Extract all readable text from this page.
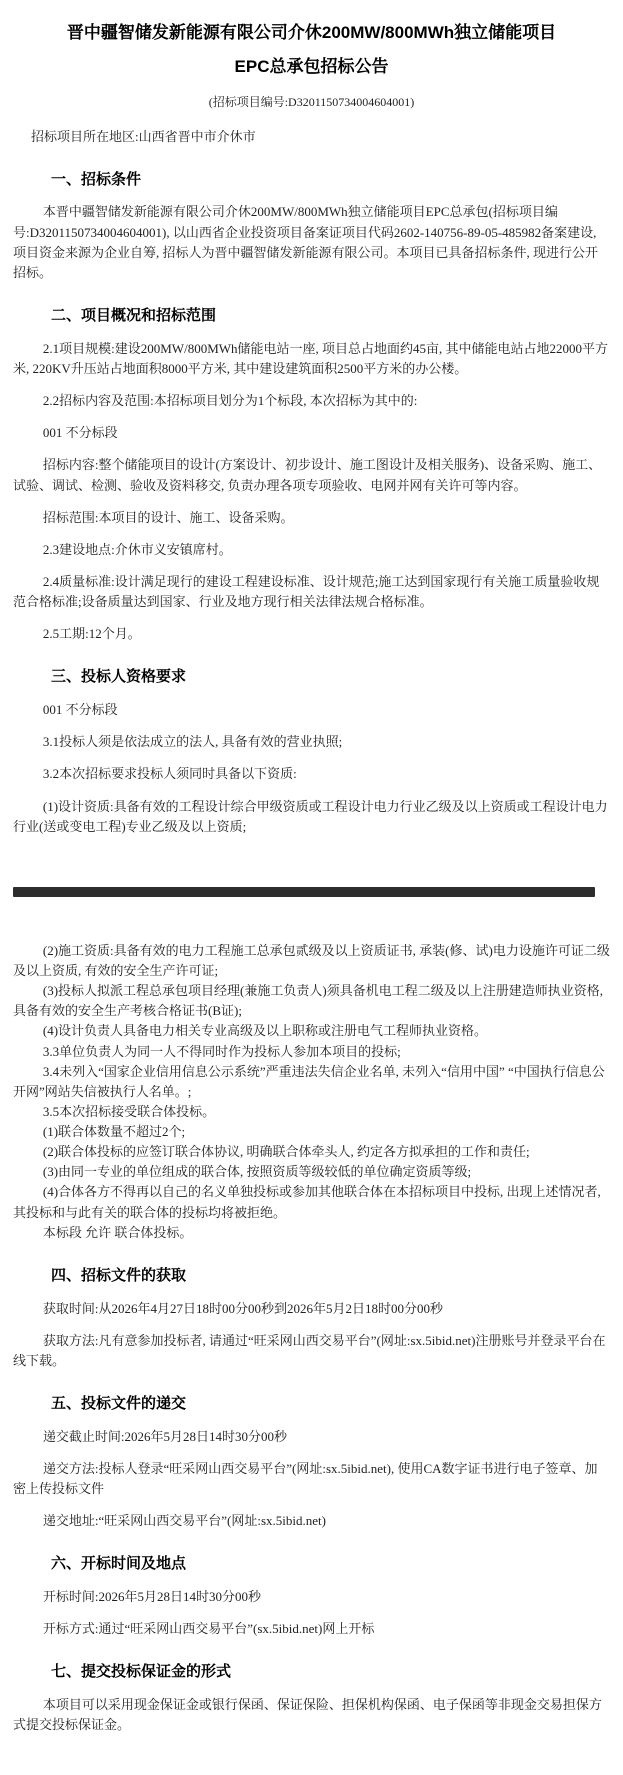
晋中疆智储发新能源有限公司介休200MW/800MWh独立储能项目
EPC总承包招标公告
(招标项目编号:D3201150734004604001)
招标项目所在地区:山西省晋中市介休市
一、招标条件
本晋中疆智储发新能源有限公司介休200MW/800MWh独立储能项目EPC总承包(招标项目编号:D3201150734004604001), 以山西省企业投资项目备案证项目代码2602-140756-89-05-485982备案建设, 项目资金来源为企业自筹, 招标人为晋中疆智储发新能源有限公司。本项目已具备招标条件, 现进行公开招标。
二、项目概况和招标范围
2.1项目规模:建设200MW/800MWh储能电站一座, 项目总占地面约45亩, 其中储能电站占地22000平方米, 220KV升压站占地面积8000平方米, 其中建设建筑面积2500平方米的办公楼。
2.2招标内容及范围:本招标项目划分为1个标段, 本次招标为其中的:
001 不分标段
招标内容:整个储能项目的设计(方案设计、初步设计、施工图设计及相关服务)、设备采购、施工、试验、调试、检测、验收及资料移交, 负责办理各项专项验收、电网并网有关许可等内容。
招标范围:本项目的设计、施工、设备采购。
2.3建设地点:介休市义安镇席村。
2.4质量标准:设计满足现行的建设工程建设标准、设计规范;施工达到国家现行有关施工质量验收规范合格标准;设备质量达到国家、行业及地方现行相关法律法规合格标准。
2.5工期:12个月。
三、投标人资格要求
001 不分标段
3.1投标人须是依法成立的法人, 具备有效的营业执照;
3.2本次招标要求投标人须同时具备以下资质:
(1)设计资质:具备有效的工程设计综合甲级资质或工程设计电力行业乙级及以上资质或工程设计电力行业(送或变电工程)专业乙级及以上资质;
(2)施工资质:具备有效的电力工程施工总承包贰级及以上资质证书, 承装(修、试)电力设施许可证二级及以上资质, 有效的安全生产许可证;
(3)投标人拟派工程总承包项目经理(兼施工负责人)须具备机电工程二级及以上注册建造师执业资格, 具备有效的安全生产考核合格证书(B证);
(4)设计负责人具备电力相关专业高级及以上职称或注册电气工程师执业资格。
3.3单位负责人为同一人不得同时作为投标人参加本项目的投标;
3.4未列入“国家企业信用信息公示系统”严重违法失信企业名单, 未列入“信用中国” “中国执行信息公开网”网站失信被执行人名单。;
3.5本次招标接受联合体投标。
(1)联合体数量不超过2个;
(2)联合体投标的应签订联合体协议, 明确联合体牵头人, 约定各方拟承担的工作和责任;
(3)由同一专业的单位组成的联合体, 按照资质等级较低的单位确定资质等级;
(4)合体各方不得再以自己的名义单独投标或参加其他联合体在本招标项目中投标, 出现上述情况者, 其投标和与此有关的联合体的投标均将被拒绝。
本标段 允许 联合体投标。
四、招标文件的获取
获取时间:从2026年4月27日18时00分00秒到2026年5月2日18时00分00秒
获取方法:凡有意参加投标者, 请通过“旺采网山西交易平台”(网址:sx.5ibid.net)注册账号并登录平台在线下载。
五、投标文件的递交
递交截止时间:2026年5月28日14时30分00秒
递交方法:投标人登录“旺采网山西交易平台”(网址:sx.5ibid.net), 使用CA数字证书进行电子签章、加密上传投标文件
递交地址:“旺采网山西交易平台”(网址:sx.5ibid.net)
六、开标时间及地点
开标时间:2026年5月28日14时30分00秒
开标方式:通过“旺采网山西交易平台”(sx.5ibid.net)网上开标
七、提交投标保证金的形式
本项目可以采用现金保证金或银行保函、保证保险、担保机构保函、电子保函等非现金交易担保方式提交投标保证金。
